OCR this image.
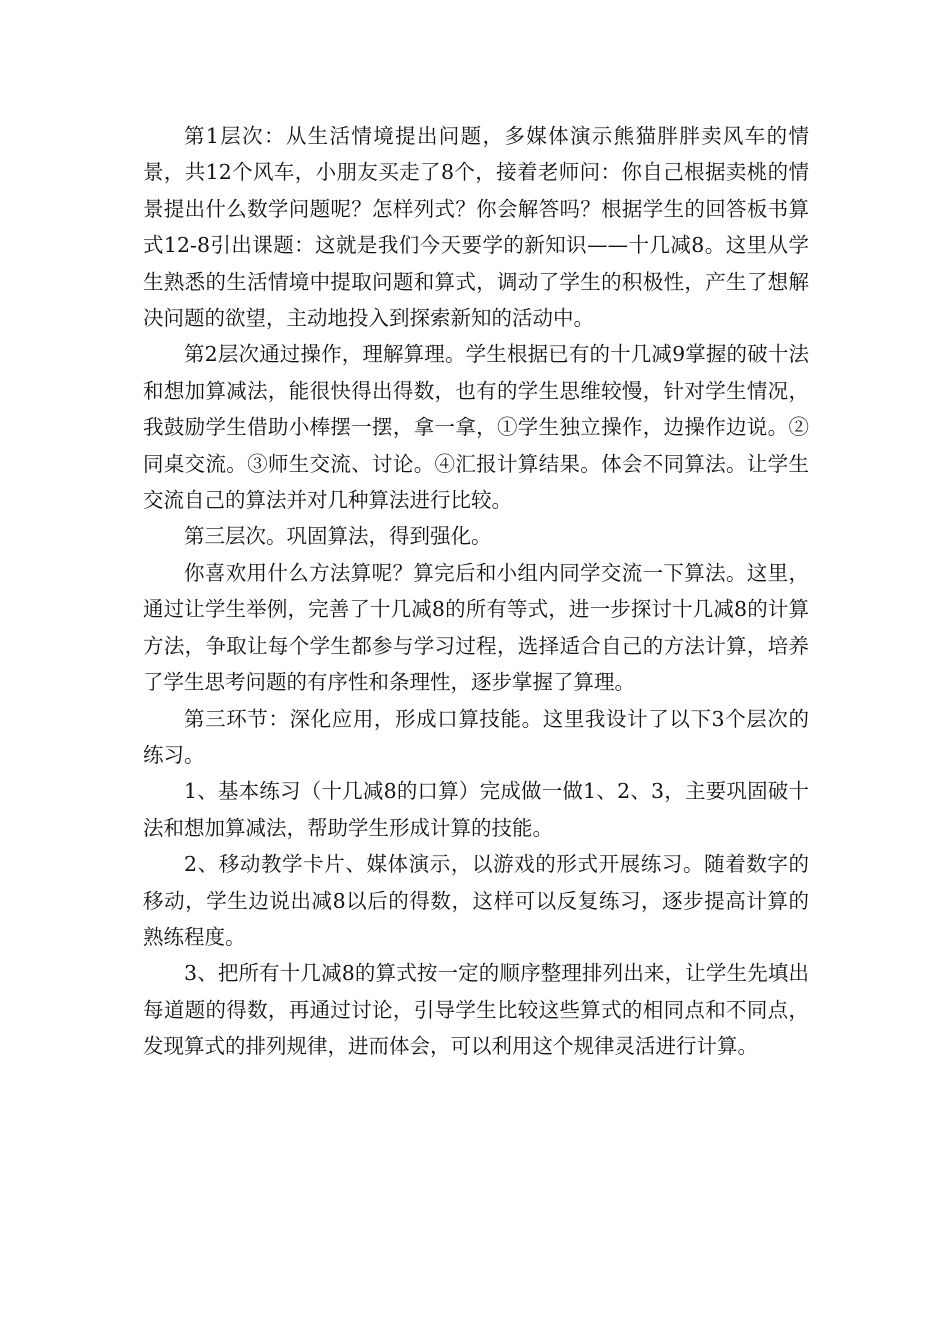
第1层次：从生活情境提出问题，多媒体演示熊猫胖胖卖风车的情景，共12个风车，小朋友买走了8个，接着老师问：你自己根据卖桃的情景提出什么数学问题呢？怎样列式？你会解答吗？根据学生的回答板书算式12-8引出课题：这就是我们今天要学的新知识——十几减8。这里从学生熟悉的生活情境中提取问题和算式，调动了学生的积极性，产生了想解决问题的欲望，主动地投入到探索新知的活动中。

第2层次通过操作，理解算理。学生根据已有的十几减9掌握的破十法和想加算减法，能很快得出得数，也有的学生思维较慢，针对学生情况，我鼓励学生借助小棒摆一摆，拿一拿，①学生独立操作，边操作边说。②同桌交流。③师生交流、讨论。④汇报计算结果。体会不同算法。让学生交流自己的算法并对几种算法进行比较。

第三层次。巩固算法，得到强化。

你喜欢用什么方法算呢？算完后和小组内同学交流一下算法。这里，通过让学生举例，完善了十几减8的所有等式，进一步探讨十几减8的计算方法，争取让每个学生都参与学习过程，选择适合自己的方法计算，培养了学生思考问题的有序性和条理性，逐步掌握了算理。

第三环节：深化应用，形成口算技能。这里我设计了以下3个层次的练习。

1、基本练习（十几减8的口算）完成做一做1、2、3，主要巩固破十法和想加算减法，帮助学生形成计算的技能。

2、移动教学卡片、媒体演示，以游戏的形式开展练习。随着数字的移动，学生边说出减8以后的得数，这样可以反复练习，逐步提高计算的熟练程度。

3、把所有十几减8的算式按一定的顺序整理排列出来，让学生先填出每道题的得数，再通过讨论，引导学生比较这些算式的相同点和不同点，发现算式的排列规律，进而体会，可以利用这个规律灵活进行计算。
